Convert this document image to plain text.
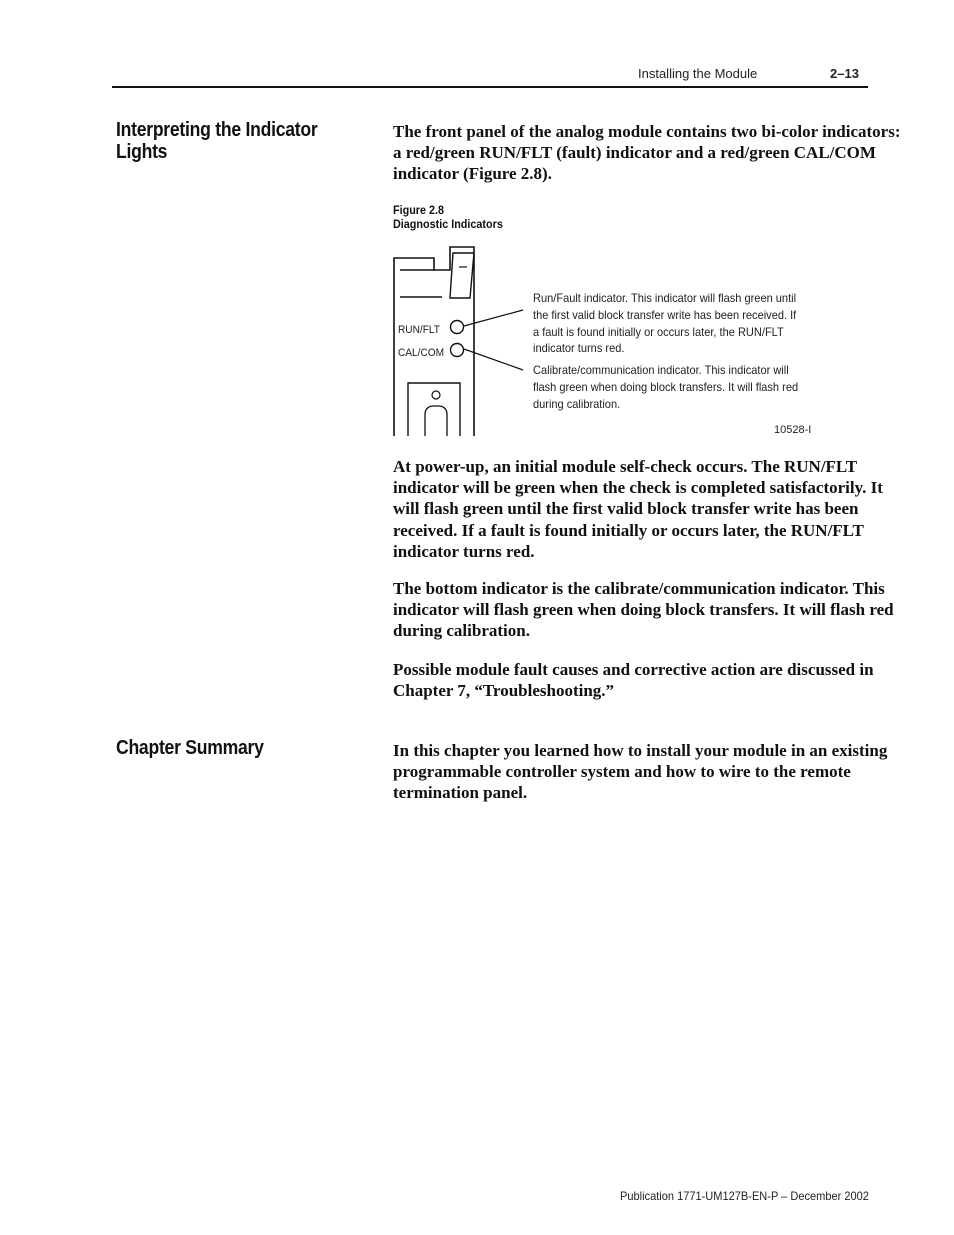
Installing the Module	2–13
Interpreting the Indicator Lights
The front panel of the analog module contains two bi-color indicators: a red/green RUN/FLT (fault) indicator and a red/green CAL/COM indicator (Figure 2.8).
Figure 2.8
Diagnostic Indicators
RUN/FLT
CAL/COM
Run/Fault indicator. This indicator will flash green until the first valid block transfer write has been received. If a fault is found initially or occurs later, the RUN/FLT indicator turns red.
Calibrate/communication indicator. This indicator will flash green when doing block transfers. It will flash red during calibration.
10528-I
At power-up, an initial module self-check occurs. The RUN/FLT indicator will be green when the check is completed satisfactorily. It will flash green until the first valid block transfer write has been received. If a fault is found initially or occurs later, the RUN/FLT indicator turns red.
The bottom indicator is the calibrate/communication indicator. This indicator will flash green when doing block transfers. It will flash red during calibration.
Possible module fault causes and corrective action are discussed in Chapter 7, “Troubleshooting.”
Chapter Summary	In this chapter you learned how to install your module in an existing programmable controller system and how to wire to the remote termination panel.
Publication 1771-UM127B-EN-P – December 2002
